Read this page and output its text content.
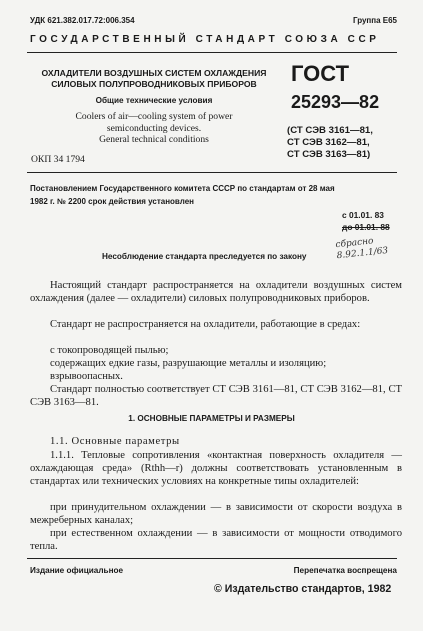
УДК 621.382.017.72:006.354	Группа Е65
ГОСУДАРСТВЕННЫЙ СТАНДАРТ СОЮЗА ССР
ОХЛАДИТЕЛИ ВОЗДУШНЫХ СИСТЕМ ОХЛАЖДЕНИЯ
СИЛОВЫХ ПОЛУПРОВОДНИКОВЫХ ПРИБОРОВ
Общие технические условия
Coolers of air—cooling system of power
semiconducting devices.
General technical conditions
ОКП 34 1794
ГОСТ
25293—82
(СТ СЭВ 3161—81,
СТ СЭВ 3162—81,
СТ СЭВ 3163—81)
Постановлением Государственного комитета СССР по стандартам от 28 мая
1982 г. № 2200 срок действия установлен
с 01.01. 83
до 01.01. 88
сбрасно 8.92.1.1/63
Несоблюдение стандарта преследуется по закону
Настоящий стандарт распространяется на охладители воздушных систем охлаждения (далее — охладители) силовых полупроводниковых приборов.
Стандарт не распространяется на охладители, работающие в средах:
с токопроводящей пылью;
содержащих едкие газы, разрушающие металлы и изоляцию;
взрывоопасных.
Стандарт полностью соответствует СТ СЭВ 3161—81, СТ СЭВ 3162—81, СТ СЭВ 3163—81.
1. ОСНОВНЫЕ ПАРАМЕТРЫ И РАЗМЕРЫ
1.1. Основные параметры
1.1.1. Тепловые сопротивления «контактная поверхность охладителя — охлаждающая среда» (Rthh—r) должны соответствовать установленным в стандартах или технических условиях на конкретные типы охладителей:
при принудительном охлаждении — в зависимости от скорости воздуха в межреберных каналах;
при естественном охлаждении — в зависимости от мощности отводимого тепла.
Издание официальное	Перепечатка воспрещена
© Издательство стандартов, 1982
